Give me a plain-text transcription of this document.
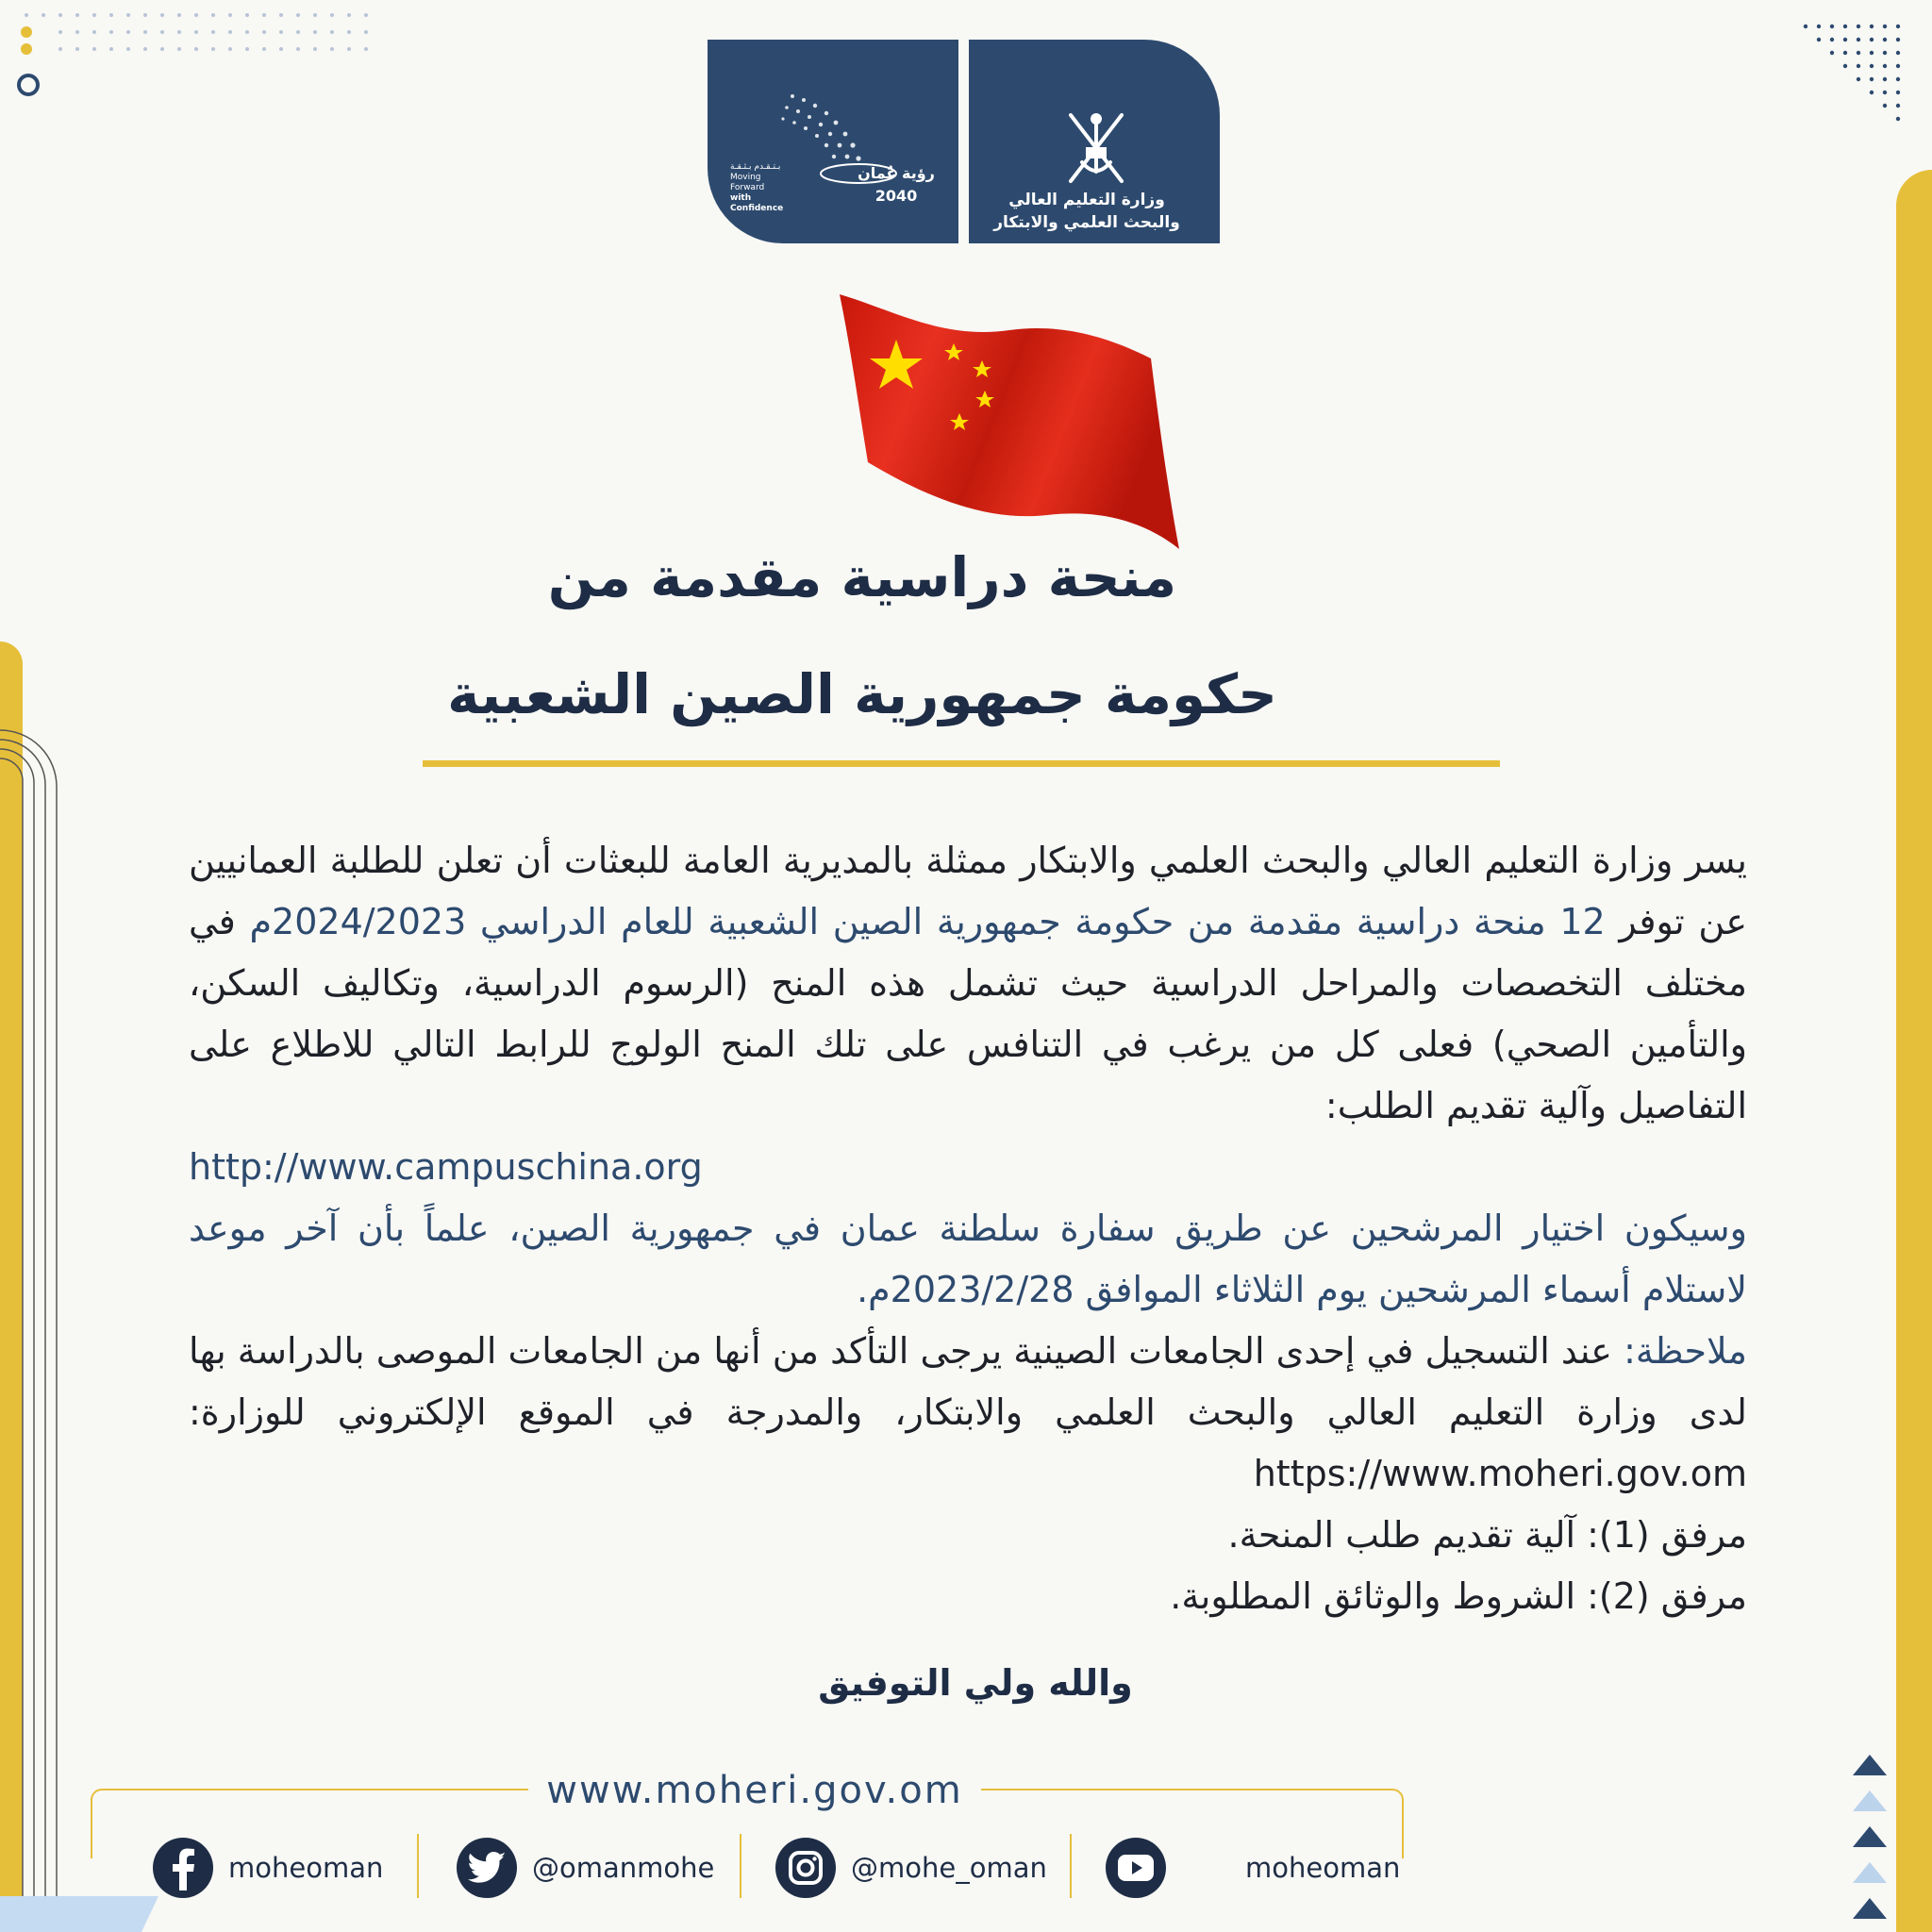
رؤية عُمان 2040
بـتـقـدم بـثـقـة
Moving Forward
with Confidence	وزارة التعليم العالي
والبحث العلمي والابتكار
منحة دراسية مقدمة من
حكومة جمهورية الصين الشعبية

يسر وزارة التعليم العالي والبحث العلمي والابتكار ممثلة بالمديرية العامة للبعثات أن تعلن للطلبة العمانيين عن توفر 12 منحة دراسية مقدمة من حكومة جمهورية الصين الشعبية للعام الدراسي 2024/2023م في مختلف التخصصات والمراحل الدراسية حيث تشمل هذه المنح (الرسوم الدراسية، وتكاليف السكن، والتأمين الصحي) فعلى كل من يرغب في التنافس على تلك المنح الولوج للرابط التالي للاطلاع على التفاصيل وآلية تقديم الطلب:

http://www.campuschina.org

وسيكون اختيار المرشحين عن طريق سفارة سلطنة عمان في جمهورية الصين، علماً بأن آخر موعد لاستلام أسماء المرشحين يوم الثلاثاء الموافق 2023/2/28م.

ملاحظة: عند التسجيل في إحدى الجامعات الصينية يرجى التأكد من أنها من الجامعات الموصى بالدراسة بها لدى وزارة التعليم العالي والبحث العلمي والابتكار، والمدرجة في الموقع الإلكتروني للوزارة: https://www.moheri.gov.om

مرفق (1): آلية تقديم طلب المنحة.

مرفق (2): الشروط والوثائق المطلوبة.

والله ولي التوفيق
www.moheri.gov.om
moheoman	@omanmohe	@mohe_oman	moheoman
